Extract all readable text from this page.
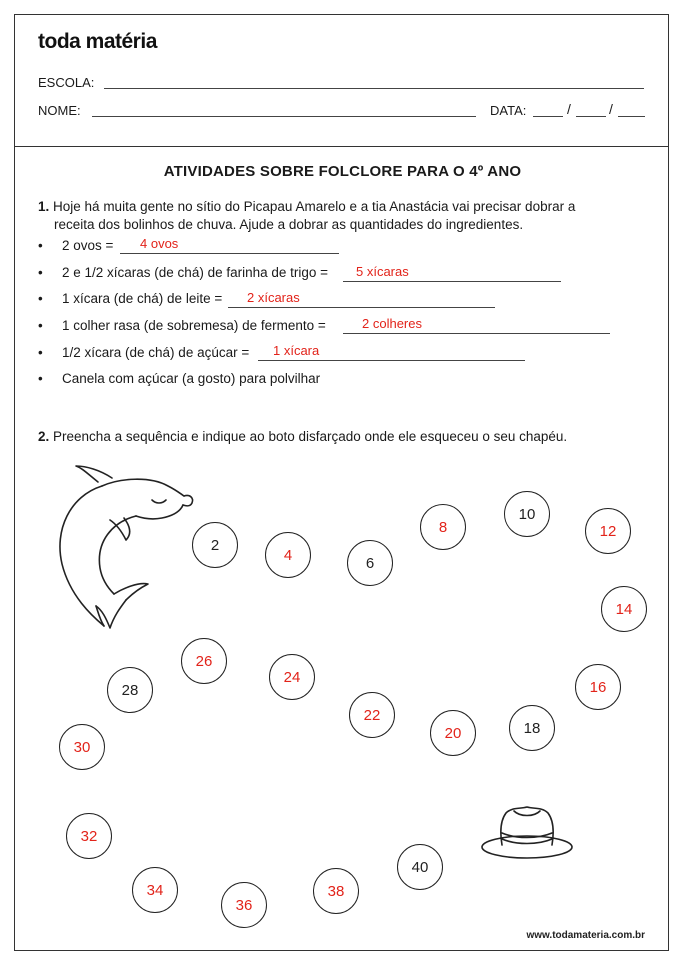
toda matéria
ESCOLA:
NOME:	DATA:	/	/
ATIVIDADES SOBRE FOLCLORE PARA O 4º ANO
1. Hoje há muita gente no sítio do Picapau Amarelo e a tia Anastácia vai precisar dobrar a
receita dos bolinhos de chuva. Ajude a dobrar as quantidades do ingredientes.
• 2 ovos = 4 ovos
• 2 e 1/2 xícaras (de chá) de farinha de trigo = 5 xícaras
• 1 xícara (de chá) de leite = 2 xícaras
• 1 colher rasa (de sobremesa) de fermento =	2 colheres
• 1/2 xícara (de chá) de açúcar = 1 xícara
• Canela com açúcar (a gosto) para polvilhar
2. Preencha a sequência e indique ao boto disfarçado onde ele esqueceu o seu chapéu.
2
4	6
8
10
12
14
16
18
20
22
24
26
28
30
32
34
36
38
40
www.todamateria.com.br
